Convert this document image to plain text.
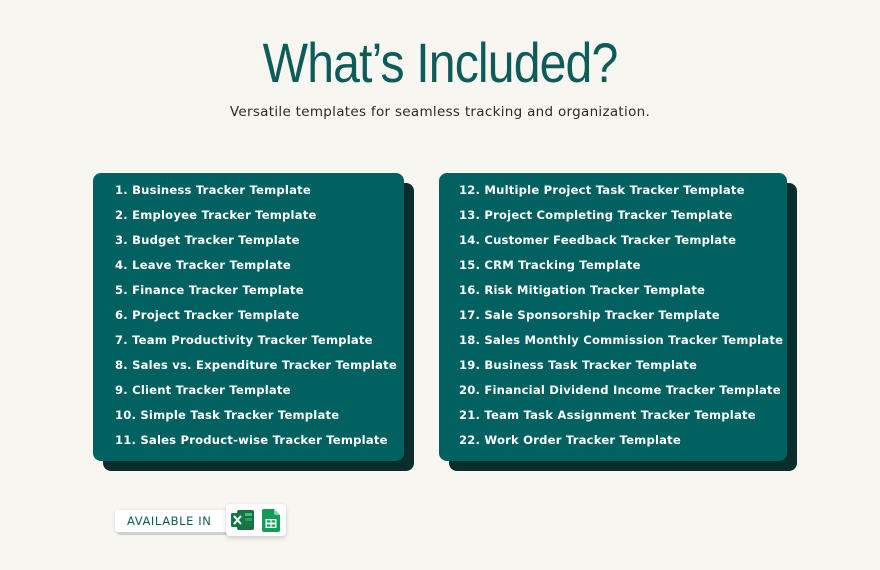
What’s Included?
Versatile templates for seamless tracking and organization.
1. Business Tracker Template
2. Employee Tracker Template
3. Budget Tracker Template
4. Leave Tracker Template
5. Finance Tracker Template
6. Project Tracker Template
7. Team Productivity Tracker Template
8. Sales vs. Expenditure Tracker Template
9. Client Tracker Template
10. Simple Task Tracker Template
11. Sales Product-wise Tracker Template
12. Multiple Project Task Tracker Template
13. Project Completing Tracker Template
14. Customer Feedback Tracker Template
15. CRM Tracking Template
16. Risk Mitigation Tracker Template
17. Sale Sponsorship Tracker Template
18. Sales Monthly Commission Tracker Template
19. Business Task Tracker Template
20. Financial Dividend Income Tracker Template
21. Team Task Assignment Tracker Template
22. Work Order Tracker Template
AVAILABLE IN
